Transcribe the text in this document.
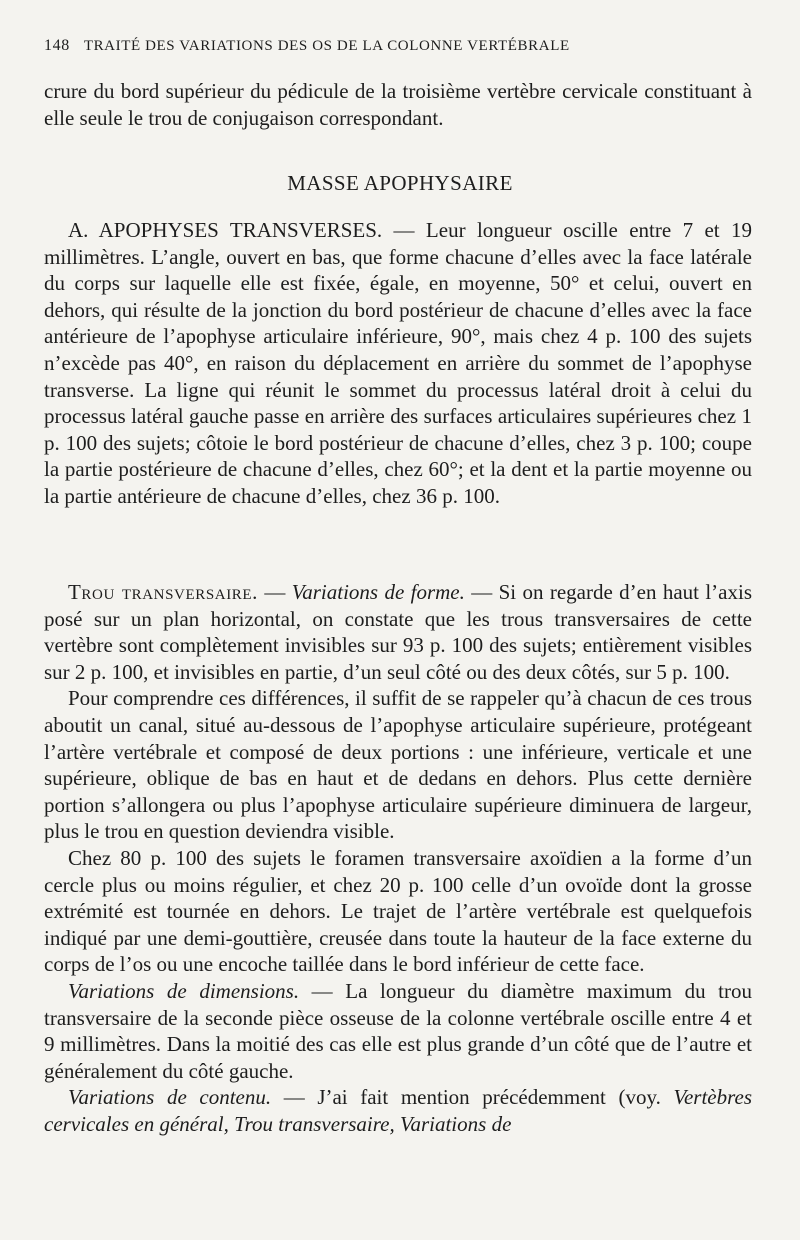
148 TRAITÉ DES VARIATIONS DES OS DE LA COLONNE VERTÉBRALE

crure du bord supérieur du pédicule de la troisième vertèbre cervicale constituant à elle seule le trou de conjugaison correspondant.

MASSE APOPHYSAIRE

A. APOPHYSES TRANSVERSES. — Leur longueur oscille entre 7 et 19 millimètres. L’angle, ouvert en bas, que forme chacune d’elles avec la face latérale du corps sur laquelle elle est fixée, égale, en moyenne, 50° et celui, ouvert en dehors, qui résulte de la jonction du bord postérieur de chacune d’elles avec la face antérieure de l’apophyse articulaire inférieure, 90°, mais chez 4 p. 100 des sujets n’excède pas 40°, en raison du déplacement en arrière du sommet de l’apophyse transverse. La ligne qui réunit le sommet du processus latéral droit à celui du processus latéral gauche passe en arrière des surfaces articulaires supérieures chez 1 p. 100 des sujets; côtoie le bord postérieur de chacune d’elles, chez 3 p. 100; coupe la partie postérieure de chacune d’elles, chez 60°; et la dent et la partie moyenne ou la partie antérieure de chacune d’elles, chez 36 p. 100.

Trou transversaire. — Variations de forme. — Si on regarde d’en haut l’axis posé sur un plan horizontal, on constate que les trous transversaires de cette vertèbre sont complètement invisibles sur 93 p. 100 des sujets; entièrement visibles sur 2 p. 100, et invisibles en partie, d’un seul côté ou des deux côtés, sur 5 p. 100.

Pour comprendre ces différences, il suffit de se rappeler qu’à chacun de ces trous aboutit un canal, situé au-dessous de l’apophyse articulaire supérieure, protégeant l’artère vertébrale et composé de deux portions : une inférieure, verticale et une supérieure, oblique de bas en haut et de dedans en dehors. Plus cette dernière portion s’allongera ou plus l’apophyse articulaire supérieure diminuera de largeur, plus le trou en question deviendra visible.

Chez 80 p. 100 des sujets le foramen transversaire axoïdien a la forme d’un cercle plus ou moins régulier, et chez 20 p. 100 celle d’un ovoïde dont la grosse extrémité est tournée en dehors. Le trajet de l’artère vertébrale est quelquefois indiqué par une demi-gouttière, creusée dans toute la hauteur de la face externe du corps de l’os ou une encoche taillée dans le bord inférieur de cette face.

Variations de dimensions. — La longueur du diamètre maximum du trou transversaire de la seconde pièce osseuse de la colonne vertébrale oscille entre 4 et 9 millimètres. Dans la moitié des cas elle est plus grande d’un côté que de l’autre et généralement du côté gauche.

Variations de contenu. — J’ai fait mention précédemment (voy. Vertèbres cervicales en général, Trou transversaire, Variations de
